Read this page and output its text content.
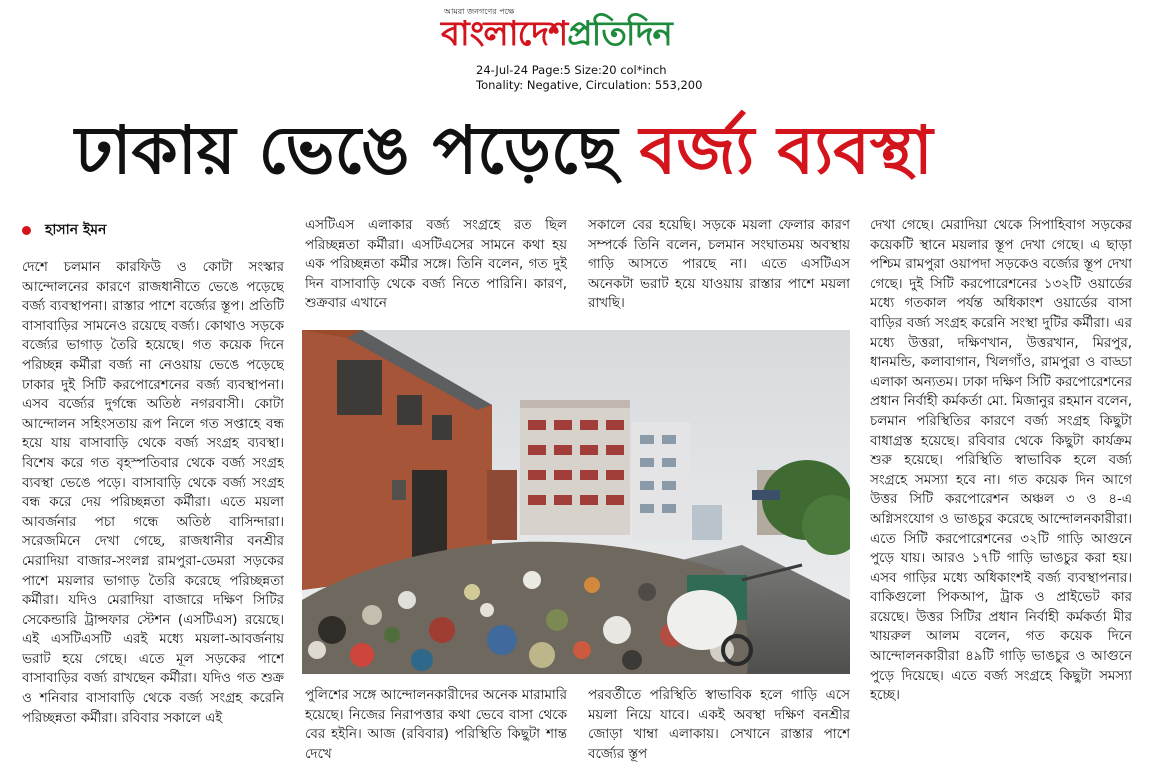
আমরা জনগণের পক্ষে
বাংলাদেশপ্রতিদিন
24-Jul-24 Page:5 Size:20 col*inch
Tonality: Negative, Circulation: 553,200
ঢাকায় ভেঙে পড়েছে বর্জ্য ব্যবস্থা
হাসান ইমন

দেশে চলমান কারফিউ ও কোটা সংস্কার আন্দোলনের কারণে রাজধানীতে ভেঙে পড়েছে বর্জ্য ব্যবস্থাপনা। রাস্তার পাশে বর্জ্যের স্তূপ। প্রতিটি বাসাবাড়ির সামনেও রয়েছে বর্জ্য। কোথাও সড়কে বর্জ্যের ভাগাড় তৈরি হয়েছে। গত কয়েক দিনে পরিচ্ছন্ন কর্মীরা বর্জ্য না নেওয়ায় ভেঙে পড়েছে ঢাকার দুই সিটি করপোরেশনের বর্জ্য ব্যবস্থাপনা। এসব বর্জ্যের দুর্গন্ধে অতিষ্ঠ নগরবাসী। কোটা আন্দোলন সহিংসতায় রূপ নিলে গত সপ্তাহে বন্ধ হয়ে যায় বাসাবাড়ি থেকে বর্জ্য সংগ্রহ ব্যবস্থা। বিশেষ করে গত বৃহস্পতিবার থেকে বর্জ্য সংগ্রহ ব্যবস্থা ভেঙে পড়ে। বাসাবাড়ি থেকে বর্জ্য সংগ্রহ বন্ধ করে দেয় পরিচ্ছন্নতা কর্মীরা। এতে ময়লা আবর্জনার পচা গন্ধে অতিষ্ঠ বাসিন্দারা। সরেজমিনে দেখা গেছে, রাজধানীর বনশ্রীর মেরাদিয়া বাজার-সংলগ্ন রামপুরা-ডেমরা সড়কের পাশে ময়লার ভাগাড় তৈরি করেছে পরিচ্ছন্নতা কর্মীরা। যদিও মেরাদিয়া বাজারে দক্ষিণ সিটির সেকেন্ডারি ট্রান্সফার স্টেশন (এসটিএস) রয়েছে। এই এসটিএসটি এরই মধ্যে ময়লা-আবর্জনায় ভরাট হয়ে গেছে। এতে মূল সড়কের পাশে বাসাবাড়ির বর্জ্য রাখছেন কর্মীরা। যদিও গত শুক্র ও শনিবার বাসাবাড়ি থেকে বর্জ্য সংগ্রহ করেনি পরিচ্ছন্নতা কর্মীরা। রবিবার সকালে এই

এসটিএস এলাকার বর্জ্য সংগ্রহে রত ছিল পরিচ্ছন্নতা কর্মীরা। এসটিএসের সামনে কথা হয় এক পরিচ্ছন্নতা কর্মীর সঙ্গে। তিনি বলেন, গত দুই দিন বাসাবাড়ি থেকে বর্জ্য নিতে পারিনি। কারণ, শুক্রবার এখানে

সকালে বের হয়েছি। সড়কে ময়লা ফেলার কারণ সম্পর্কে তিনি বলেন, চলমান সংঘাতময় অবস্থায় গাড়ি আসতে পারছে না। এতে এসটিএস অনেকটা ভরাট হয়ে যাওয়ায় রাস্তার পাশে ময়লা রাখছি।

দেখা গেছে। মেরাদিয়া থেকে সিপাহিবাগ সড়কের কয়েকটি স্থানে ময়লার স্তূপ দেখা গেছে। এ ছাড়া পশ্চিম রামপুরা ওয়াপদা সড়কেও বর্জ্যের স্তূপ দেখা গেছে। দুই সিটি করপোরেশনের ১৩২টি ওয়ার্ডের মধ্যে গতকাল পর্যন্ত অধিকাংশ ওয়ার্ডের বাসা বাড়ির বর্জ্য সংগ্রহ করেনি সংস্থা দুটির কর্মীরা। এর মধ্যে উত্তরা, দক্ষিণখান, উত্তরখান, মিরপুর, ধানমন্ডি, কলাবাগান, খিলগাঁও, রামপুরা ও বাড্ডা এলাকা অন্যতম। ঢাকা দক্ষিণ সিটি করপোরেশনের প্রধান নির্বাহী কর্মকর্তা মো. মিজানুর রহমান বলেন, চলমান পরিস্থিতির কারণে বর্জ্য সংগ্রহ কিছুটা বাধাগ্রস্ত হয়েছে। রবিবার থেকে কিছুটা কার্যক্রম শুরু হয়েছে। পরিস্থিতি স্বাভাবিক হলে বর্জ্য সংগ্রহে সমস্যা হবে না। গত কয়েক দিন আগে উত্তর সিটি করপোরেশন অঞ্চল ৩ ও ৪-এ অগ্নিসংযোগ ও ভাঙচুর করেছে আন্দোলনকারীরা। এতে সিটি করপোরেশনের ৩২টি গাড়ি আগুনে পুড়ে যায়। আরও ১৭টি গাড়ি ভাঙচুর করা হয়। এসব গাড়ির মধ্যে অধিকাংশই বর্জ্য ব্যবস্থাপনার। বাকিগুলো পিকআপ, ট্রাক ও প্রাইভেট কার রয়েছে। উত্তর সিটির প্রধান নির্বাহী কর্মকর্তা মীর খায়রুল আলম বলেন, গত কয়েক দিনে আন্দোলনকারীরা ৪৯টি গাড়ি ভাঙচুর ও আগুনে পুড়ে দিয়েছে। এতে বর্জ্য সংগ্রহে কিছুটা সমস্যা হচ্ছে।

পুলিশের সঙ্গে আন্দোলনকারীদের অনেক মারামারি হয়েছে। নিজের নিরাপত্তার কথা ভেবে বাসা থেকে বের হইনি। আজ (রবিবার) পরিস্থিতি কিছুটা শান্ত দেখে

পরবর্তীতে পরিস্থিতি স্বাভাবিক হলে গাড়ি এসে ময়লা নিয়ে যাবে। একই অবস্থা দক্ষিণ বনশ্রীর জোড়া খাম্বা এলাকায়। সেখানে রাস্তার পাশে বর্জ্যের স্তূপ
